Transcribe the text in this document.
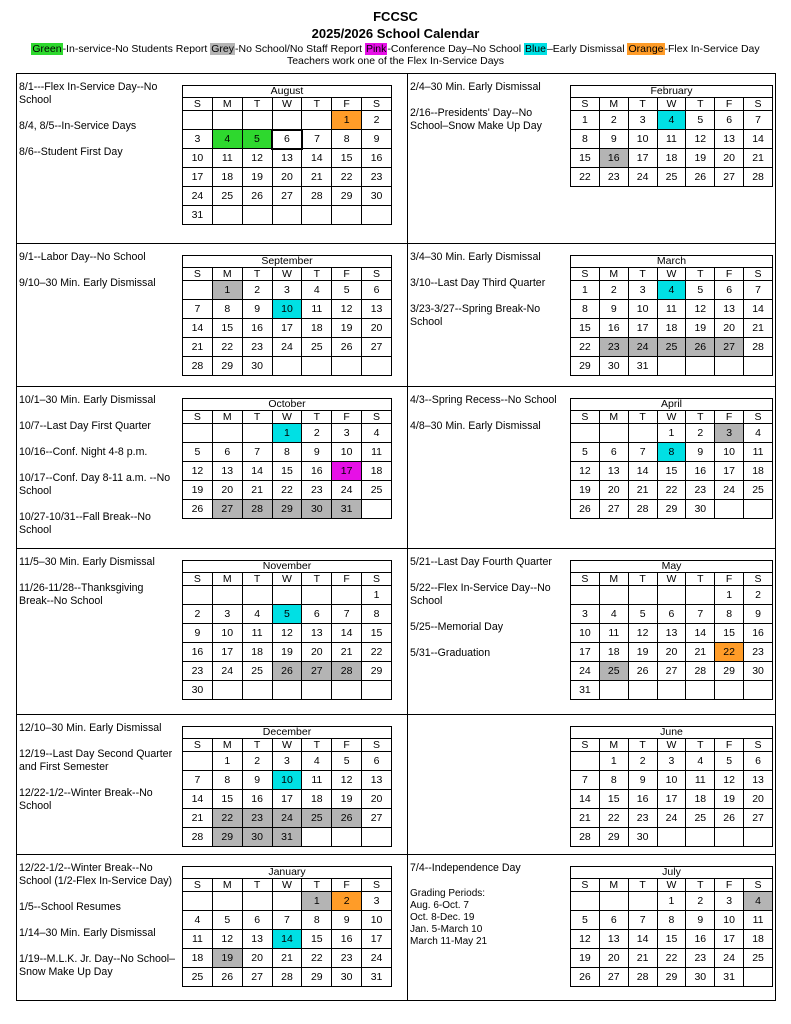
FCCSC
2025/2026 School Calendar
Green-In-service-No Students Report Grey-No School/No Staff Report Pink-Conference Day–No School Blue–Early Dismissal Orange-Flex In-Service Day
Teachers work one of the Flex In-Service Days
8/1---Flex In-Service Day--No School
8/4, 8/5--In-Service Days
8/6--Student First Day
August						
S	M	T	W	T	F	S
					1	2
3	4	5	6	7	8	9
10	11	12	13	14	15	16
17	18	19	20	21	22	23
24	25	26	27	28	29	30
31						
9/1--Labor Day--No School
9/10–30 Min. Early Dismissal
September						
S	M	T	W	T	F	S
	1	2	3	4	5	6
7	8	9	10	11	12	13
14	15	16	17	18	19	20
21	22	23	24	25	26	27
28	29	30				
10/1–30 Min. Early Dismissal
10/7--Last Day First Quarter
10/16--Conf. Night 4-8 p.m.
10/17--Conf. Day 8-11 a.m. --No School
10/27-10/31--Fall Break--No School
October						
S	M	T	W	T	F	S
			1	2	3	4
5	6	7	8	9	10	11
12	13	14	15	16	17	18
19	20	21	22	23	24	25
26	27	28	29	30	31	
11/5–30 Min. Early Dismissal
11/26-11/28--Thanksgiving Break--No School
November						
S	M	T	W	T	F	S
						1
2	3	4	5	6	7	8
9	10	11	12	13	14	15
16	17	18	19	20	21	22
23	24	25	26	27	28	29
30						
12/10–30 Min. Early Dismissal
12/19--Last Day Second Quarter and First Semester
12/22-1/2--Winter Break--No School
December						
S	M	T	W	T	F	S
	1	2	3	4	5	6
7	8	9	10	11	12	13
14	15	16	17	18	19	20
21	22	23	24	25	26	27
28	29	30	31			
12/22-1/2--Winter Break--No School (1/2-Flex In-Service Day)
1/5--School Resumes
1/14–30 Min. Early Dismissal
1/19--M.L.K. Jr. Day--No School–Snow Make Up Day
January						
S	M	T	W	T	F	S
				1	2	3
4	5	6	7	8	9	10
11	12	13	14	15	16	17
18	19	20	21	22	23	24
25	26	27	28	29	30	31
2/4–30 Min. Early Dismissal
2/16--Presidents' Day--No School–Snow Make Up Day
February						
S	M	T	W	T	F	S
1	2	3	4	5	6	7
8	9	10	11	12	13	14
15	16	17	18	19	20	21
22	23	24	25	26	27	28
3/4–30 Min. Early Dismissal
3/10--Last Day Third Quarter
3/23-3/27--Spring Break-No School
March						
S	M	T	W	T	F	S
1	2	3	4	5	6	7
8	9	10	11	12	13	14
15	16	17	18	19	20	21
22	23	24	25	26	27	28
29	30	31				
4/3--Spring Recess--No School
4/8–30 Min. Early Dismissal
April						
S	M	T	W	T	F	S
			1	2	3	4
5	6	7	8	9	10	11
12	13	14	15	16	17	18
19	20	21	22	23	24	25
26	27	28	29	30		
5/21--Last Day Fourth Quarter
5/22--Flex In-Service Day--No School
5/25--Memorial Day
5/31--Graduation
May						
S	M	T	W	T	F	S
					1	2
3	4	5	6	7	8	9
10	11	12	13	14	15	16
17	18	19	20	21	22	23
24	25	26	27	28	29	30
31						
June						
S	M	T	W	T	F	S
	1	2	3	4	5	6
7	8	9	10	11	12	13
14	15	16	17	18	19	20
21	22	23	24	25	26	27
28	29	30				
7/4--Independence Day
Grading Periods:
Aug. 6-Oct. 7
Oct. 8-Dec. 19
Jan. 5-March 10
March 11-May 21
July						
S	M	T	W	T	F	S
			1	2	3	4
5	6	7	8	9	10	11
12	13	14	15	16	17	18
19	20	21	22	23	24	25
26	27	28	29	30	31	
